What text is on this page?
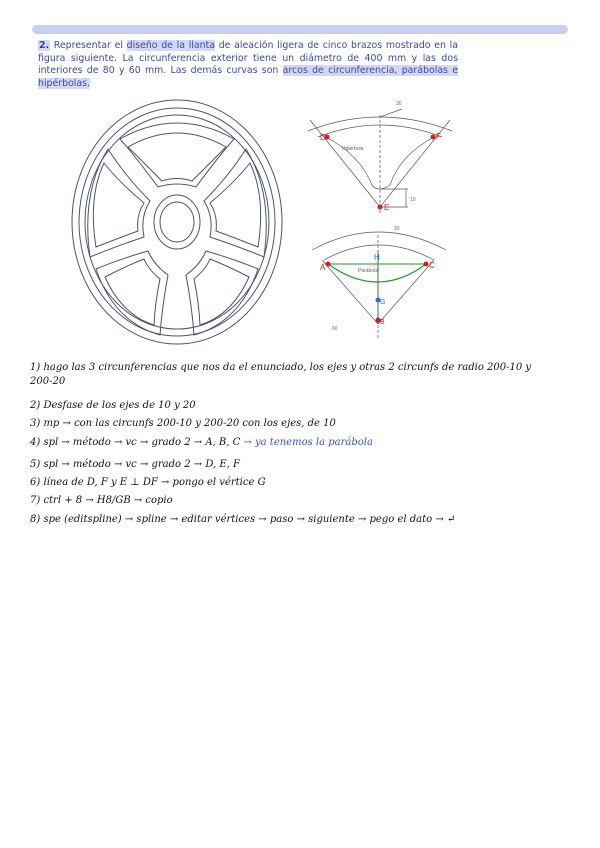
2. Representar el diseño de la llanta de aleación ligera de cinco brazos mostrado en la figura siguiente. La circunferencia exterior tiene un diámetro de 400 mm y las dos interiores de 80 y 60 mm. Las demás curvas son arcos de circunferencia, parábolas e hipérbolas.
D	F
E
Hipérbola
30
10
A	C
H
G
B
Parábola
20
60
1) hago las 3 circunferencias que nos da el enunciado, los ejes y otras 2 circunfs de radio 200-10 y
200-20
2) Desfase de los ejes de 10 y 20
3) mp → con las circunfs 200-10 y 200-20 con los ejes, de 10
4) spl → método → vc → grado 2 → A, B, C → ya tenemos la parábola
5) spl → método → vc → grado 2 → D, E, F
6) línea de D, F y E ⊥ DF → pongo el vértice G
7) ctrl + 8 → H8/GB → copio
8) spe (editspline) → spline → editar vértices → paso → siguiente → pego el dato → ↵
